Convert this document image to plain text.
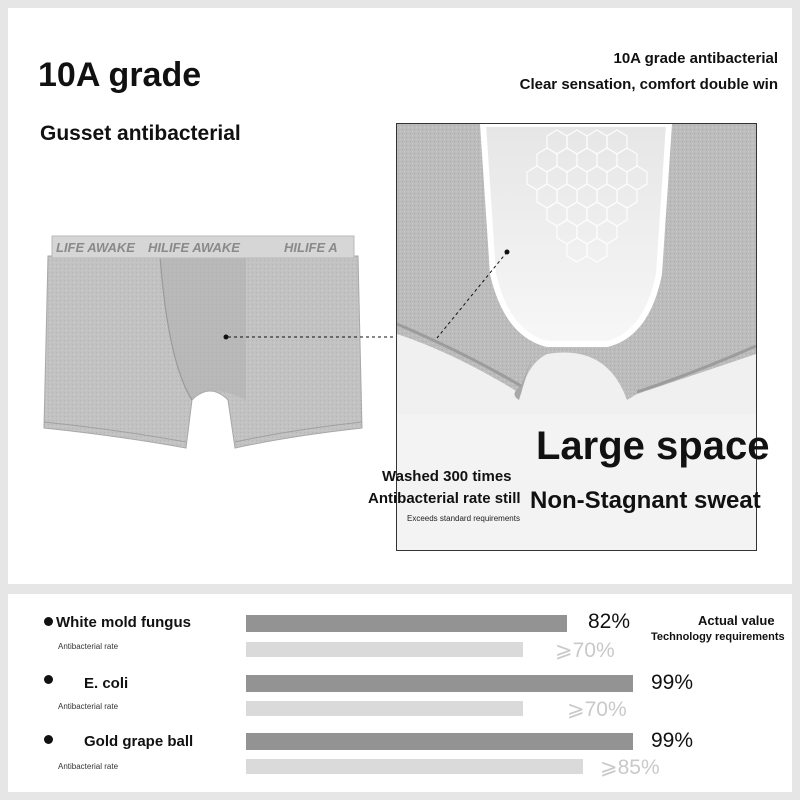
10A grade
Gusset antibacterial
10A grade antibacterial
Clear sensation, comfort double win
LIFE AWAKE HILIFE AWAKE	HILIFE A
Large space
Non-Stagnant sweat
Washed 300 times
Antibacterial rate still
Exceeds standard requirements
Actual value
Technology requirements
White mold fungus
Antibacterial rate
82%
⩾70%
E. coli
Antibacterial rate
99%
⩾70%
Gold grape ball
Antibacterial rate
99%
⩾85%
